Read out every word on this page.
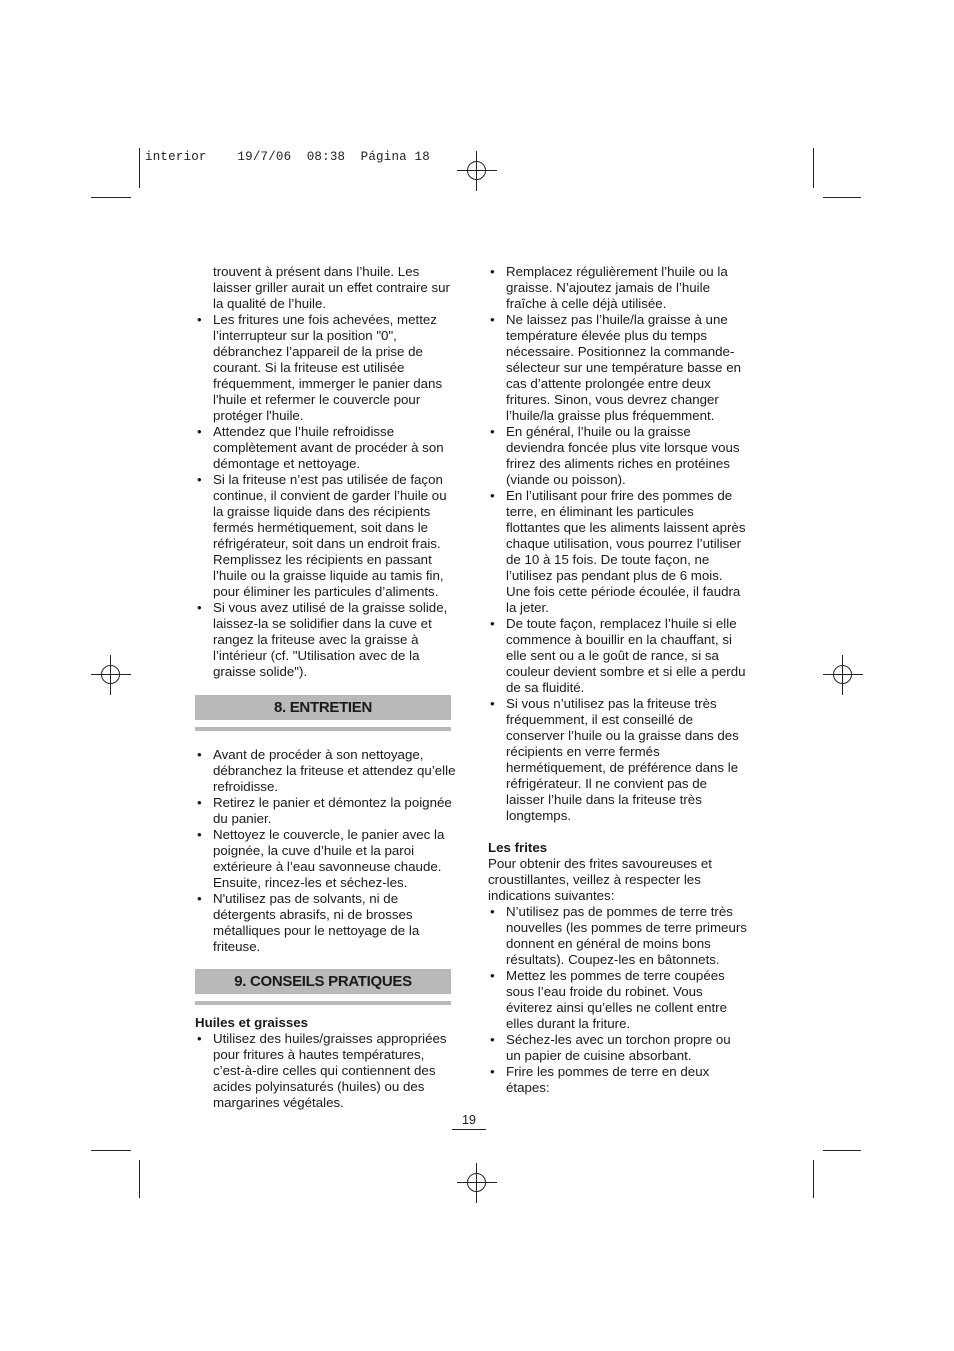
interior    19/7/06  08:38  Página 18
trouvent à présent dans l’huile. Les laisser griller aurait un effet contraire sur la qualité de l’huile.
• Les fritures une fois achevées, mettez l’interrupteur sur la position "0", débranchez l’appareil de la prise de courant. Si la friteuse est utilisée fréquemment, immerger le panier dans l'huile et refermer le couvercle pour protéger l'huile.
• Attendez que l’huile refroidisse complètement avant de procéder à son démontage et nettoyage.
• Si la friteuse n’est pas utilisée de façon continue, il convient de garder l’huile ou la graisse liquide dans des récipients fermés hermétiquement, soit dans le réfrigérateur, soit dans un endroit frais. Remplissez les récipients en passant l’huile ou la graisse liquide au tamis fin, pour éliminer les particules d’aliments.
• Si vous avez utilisé de la graisse solide, laissez-la se solidifier dans la cuve et rangez la friteuse avec la graisse à l’intérieur (cf. "Utilisation avec de la graisse solide").
8. ENTRETIEN
• Avant de procéder à son nettoyage, débranchez la friteuse et attendez qu’elle refroidisse.
• Retirez le panier et démontez la poignée du panier.
• Nettoyez le couvercle, le panier avec la poignée, la cuve d’huile et la paroi extérieure à l’eau savonneuse chaude. Ensuite, rincez-les et séchez-les.
• N'utilisez pas de solvants, ni de détergents abrasifs, ni de brosses métalliques pour le nettoyage de la friteuse.
9. CONSEILS PRATIQUES
Huiles et graisses
• Utilisez des huiles/graisses appropriées pour fritures à hautes températures, c’est-à-dire celles qui contiennent des acides polyinsaturés (huiles) ou des margarines végétales.
• Remplacez régulièrement l’huile ou la graisse. N’ajoutez jamais de l’huile fraîche à celle déjà utilisée.
• Ne laissez pas l’huile/la graisse à une température élevée plus du temps nécessaire. Positionnez la commande-sélecteur sur une température basse en cas d’attente prolongée entre deux fritures. Sinon, vous devrez changer l’huile/la graisse plus fréquemment.
• En général, l’huile ou la graisse deviendra foncée plus vite lorsque vous frirez des aliments riches en protéines (viande ou poisson).
• En l’utilisant pour frire des pommes de terre, en éliminant les particules flottantes que les aliments laissent après chaque utilisation, vous pourrez l’utiliser de 10 à 15 fois. De toute façon, ne l’utilisez pas pendant plus de 6 mois. Une fois cette période écoulée, il faudra la jeter.
• De toute façon, remplacez l’huile si elle commence à bouillir en la chauffant, si elle sent ou a le goût de rance, si sa couleur devient sombre et si elle a perdu de sa fluidité.
• Si vous n’utilisez pas la friteuse très fréquemment, il est conseillé de conserver l’huile ou la graisse dans des récipients en verre fermés hermétiquement, de préférence dans le réfrigérateur. Il ne convient pas de laisser l’huile dans la friteuse très longtemps.
Les frites
Pour obtenir des frites savoureuses et croustillantes, veillez à respecter les indications suivantes:
• N’utilisez pas de pommes de terre très nouvelles (les pommes de terre primeurs donnent en général de moins bons résultats). Coupez-les en bâtonnets.
• Mettez les pommes de terre coupées sous l’eau froide du robinet. Vous éviterez ainsi qu’elles ne collent entre elles durant la friture.
• Séchez-les avec un torchon propre ou un papier de cuisine absorbant.
• Frire les pommes de terre en deux étapes:
19
